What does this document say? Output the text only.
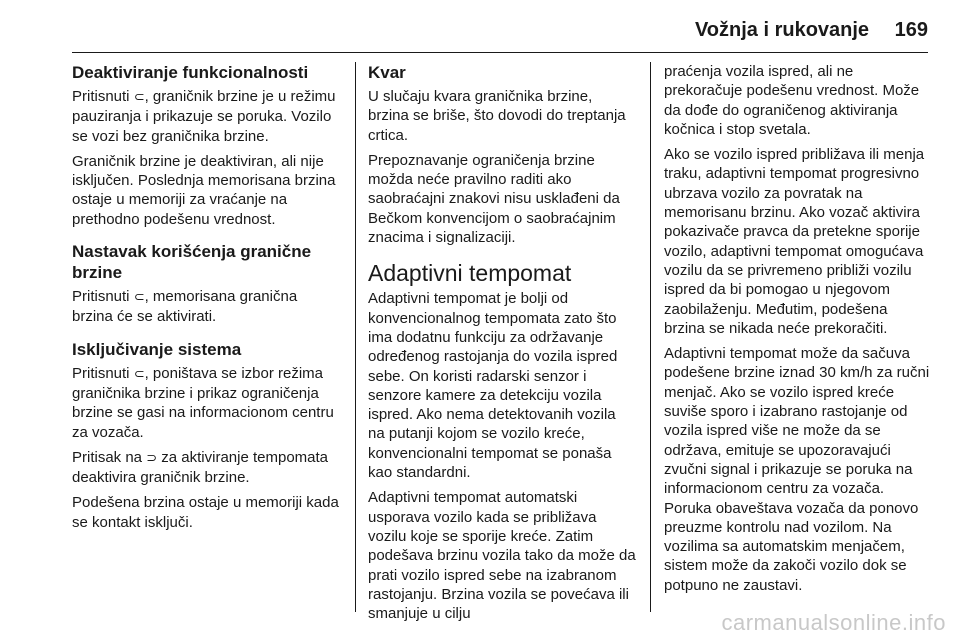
Vožnja i rukovanje 169
Deaktiviranje funkcionalnosti

Pritisnuti ⊂, graničnik brzine je u režimu pauziranja i prikazuje se poruka. Vozilo se vozi bez graničnika brzine.

Graničnik brzine je deaktiviran, ali nije isključen. Poslednja memorisana brzina ostaje u memoriji za vraćanje na prethodno podešenu vrednost.

Nastavak korišćenja granične brzine

Pritisnuti ⊂, memorisana granična brzina će se aktivirati.

Isključivanje sistema

Pritisnuti ⊂, poništava se izbor režima graničnika brzine i prikaz ograničenja brzine se gasi na informacionom centru za vozača.

Pritisak na ⊃ za aktiviranje tempomata deaktivira graničnik brzine.

Podešena brzina ostaje u memoriji kada se kontakt isključi.

Kvar

U slučaju kvara graničnika brzine, brzina se briše, što dovodi do treptanja crtica.

Prepoznavanje ograničenja brzine možda neće pravilno raditi ako saobraćajni znakovi nisu usklađeni da Bečkom konvencijom o saobraćajnim znacima i signalizaciji.

Adaptivni tempomat

Adaptivni tempomat je bolji od konvencionalnog tempomata zato što ima dodatnu funkciju za održavanje određenog rastojanja do vozila ispred sebe. On koristi radarski senzor i senzore kamere za detekciju vozila ispred. Ako nema detektovanih vozila na putanji kojom se vozilo kreće, konvencionalni tempomat se ponaša kao standardni.

Adaptivni tempomat automatski usporava vozilo kada se približava vozilu koje se sporije kreće. Zatim podešava brzinu vozila tako da može da prati vozilo ispred sebe na izabranom rastojanju. Brzina vozila se povećava ili smanjuje u cilju

praćenja vozila ispred, ali ne prekoračuje podešenu vrednost. Može da dođe do ograničenog aktiviranja kočnica i stop svetala.

Ako se vozilo ispred približava ili menja traku, adaptivni tempomat progresivno ubrzava vozilo za povratak na memorisanu brzinu. Ako vozač aktivira pokazivače pravca da pretekne sporije vozilo, adaptivni tempomat omogućava vozilu da se privremeno približi vozilu ispred da bi pomogao u njegovom zaobilaženju. Međutim, podešena brzina se nikada neće prekoračiti.

Adaptivni tempomat može da sačuva podešene brzine iznad 30 km/h za ručni menjač. Ako se vozilo ispred kreće suviše sporo i izabrano rastojanje od vozila ispred više ne može da se održava, emituje se upozoravajući zvučni signal i prikazuje se poruka na informacionom centru za vozača. Poruka obaveštava vozača da ponovo preuzme kontrolu nad vozilom. Na vozilima sa automatskim menjačem, sistem može da zakoči vozilo dok se potpuno ne zaustavi.

carmanualsonline.info
